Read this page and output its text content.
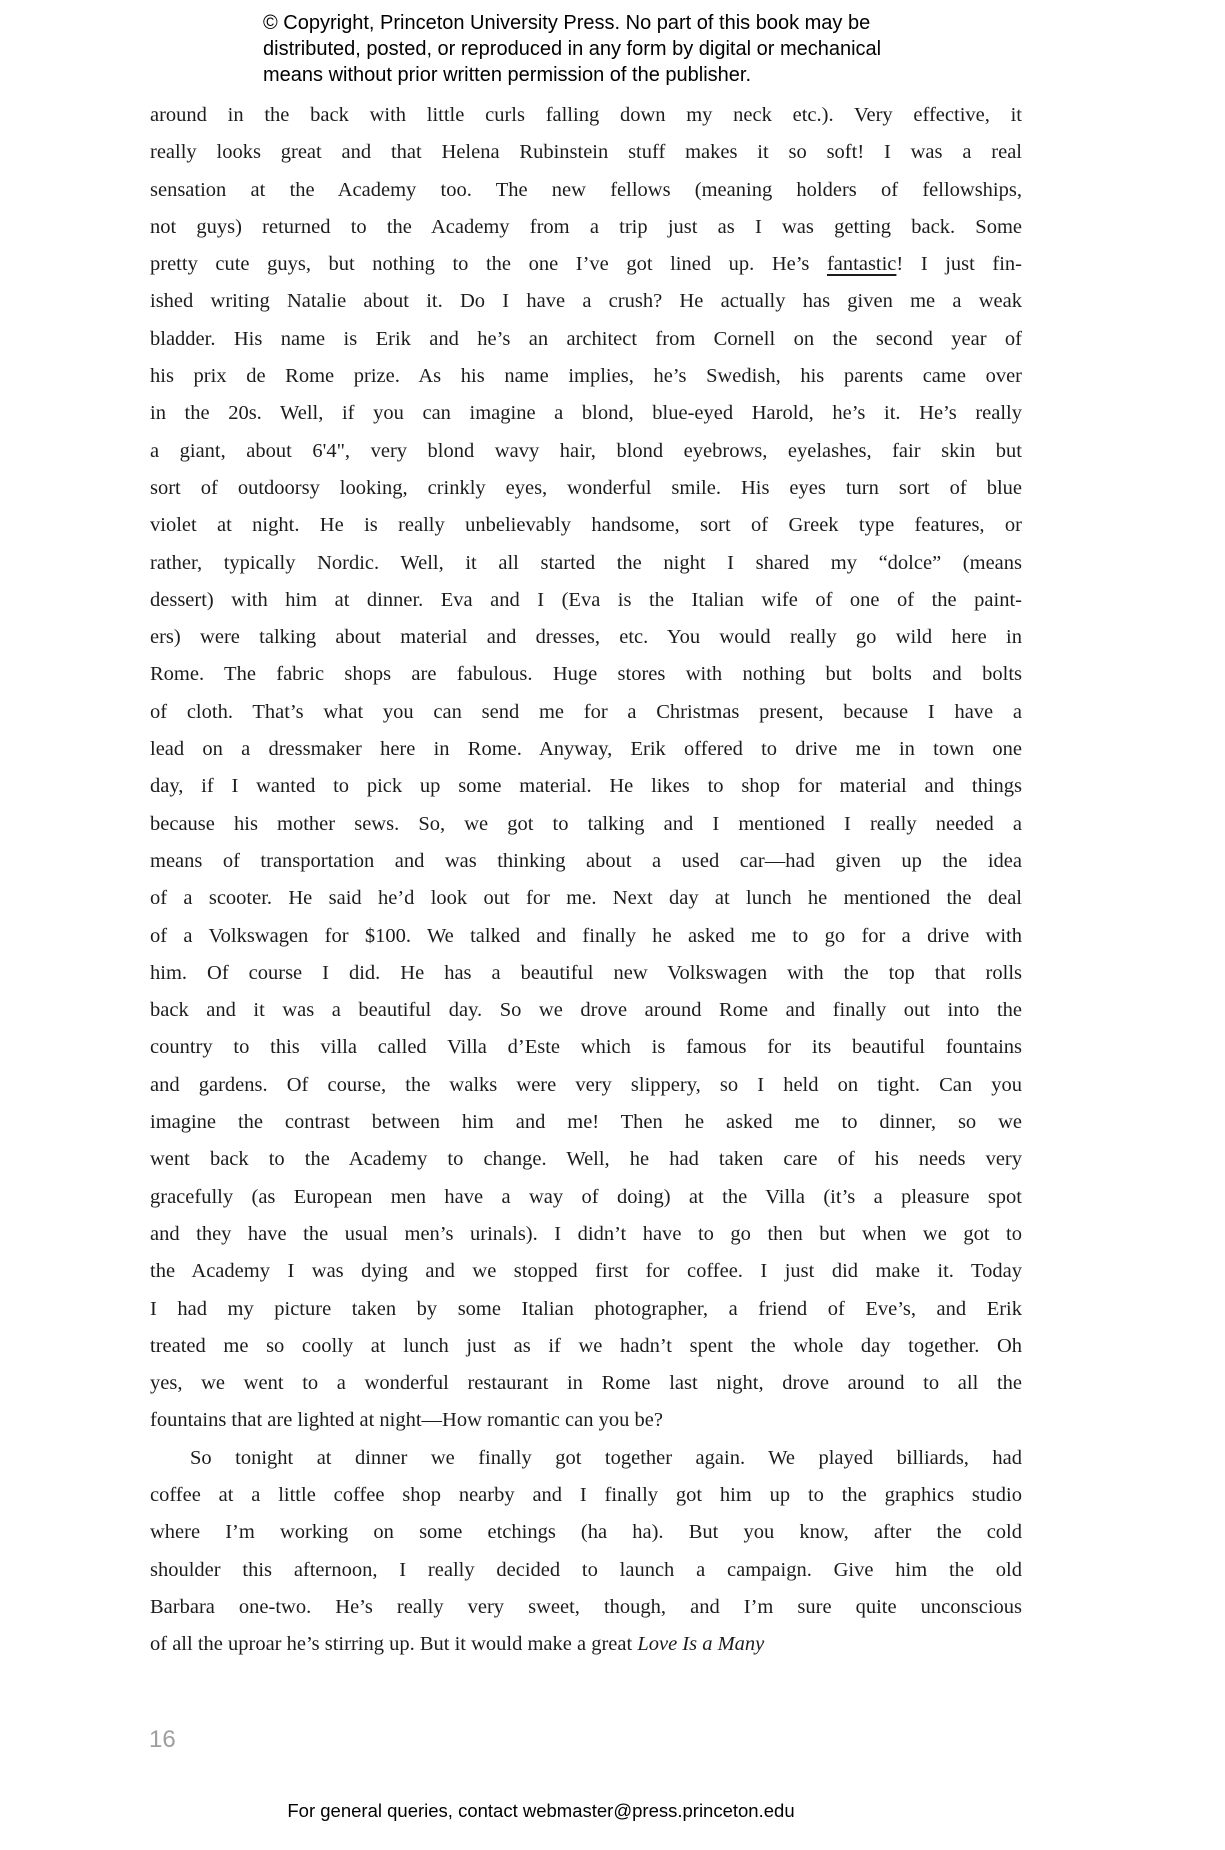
© Copyright, Princeton University Press. No part of this book may be
distributed, posted, or reproduced in any form by digital or mechanical
means without prior written permission of the publisher.
around in the back with little curls falling down my neck etc.). Very effective, it
really looks great and that Helena Rubinstein stuff makes it so soft! I was a real
sensation at the Academy too. The new fellows (meaning holders of fellowships,
not guys) returned to the Academy from a trip just as I was getting back. Some
pretty cute guys, but nothing to the one I’ve got lined up. He’s fantastic! I just fin-
ished writing Natalie about it. Do I have a crush? He actually has given me a weak
bladder. His name is Erik and he’s an architect from Cornell on the second year of
his prix de Rome prize. As his name implies, he’s Swedish, his parents came over
in the 20s. Well, if you can imagine a blond, blue-eyed Harold, he’s it. He’s really
a giant, about 6'4", very blond wavy hair, blond eyebrows, eyelashes, fair skin but
sort of outdoorsy looking, crinkly eyes, wonderful smile. His eyes turn sort of blue
violet at night. He is really unbelievably handsome, sort of Greek type features, or
rather, typically Nordic. Well, it all started the night I shared my “dolce” (means
dessert) with him at dinner. Eva and I (Eva is the Italian wife of one of the paint-
ers) were talking about material and dresses, etc. You would really go wild here in
Rome. The fabric shops are fabulous. Huge stores with nothing but bolts and bolts
of cloth. That’s what you can send me for a Christmas present, because I have a
lead on a dressmaker here in Rome. Anyway, Erik offered to drive me in town one
day, if I wanted to pick up some material. He likes to shop for material and things
because his mother sews. So, we got to talking and I mentioned I really needed a
means of transportation and was thinking about a used car—had given up the idea
of a scooter. He said he’d look out for me. Next day at lunch he mentioned the deal
of a Volkswagen for $100. We talked and finally he asked me to go for a drive with
him. Of course I did. He has a beautiful new Volkswagen with the top that rolls
back and it was a beautiful day. So we drove around Rome and finally out into the
country to this villa called Villa d’Este which is famous for its beautiful fountains
and gardens. Of course, the walks were very slippery, so I held on tight. Can you
imagine the contrast between him and me! Then he asked me to dinner, so we
went back to the Academy to change. Well, he had taken care of his needs very
gracefully (as European men have a way of doing) at the Villa (it’s a pleasure spot
and they have the usual men’s urinals). I didn’t have to go then but when we got to
the Academy I was dying and we stopped first for coffee. I just did make it. Today
I had my picture taken by some Italian photographer, a friend of Eve’s, and Erik
treated me so coolly at lunch just as if we hadn’t spent the whole day together. Oh
yes, we went to a wonderful restaurant in Rome last night, drove around to all the
fountains that are lighted at night—How romantic can you be?
So tonight at dinner we finally got together again. We played billiards, had
coffee at a little coffee shop nearby and I finally got him up to the graphics studio
where I’m working on some etchings (ha ha). But you know, after the cold
shoulder this afternoon, I really decided to launch a campaign. Give him the old
Barbara one-two. He’s really very sweet, though, and I’m sure quite unconscious
of all the uproar he’s stirring up. But it would make a great Love Is a Many
16
For general queries, contact webmaster@press.princeton.edu
